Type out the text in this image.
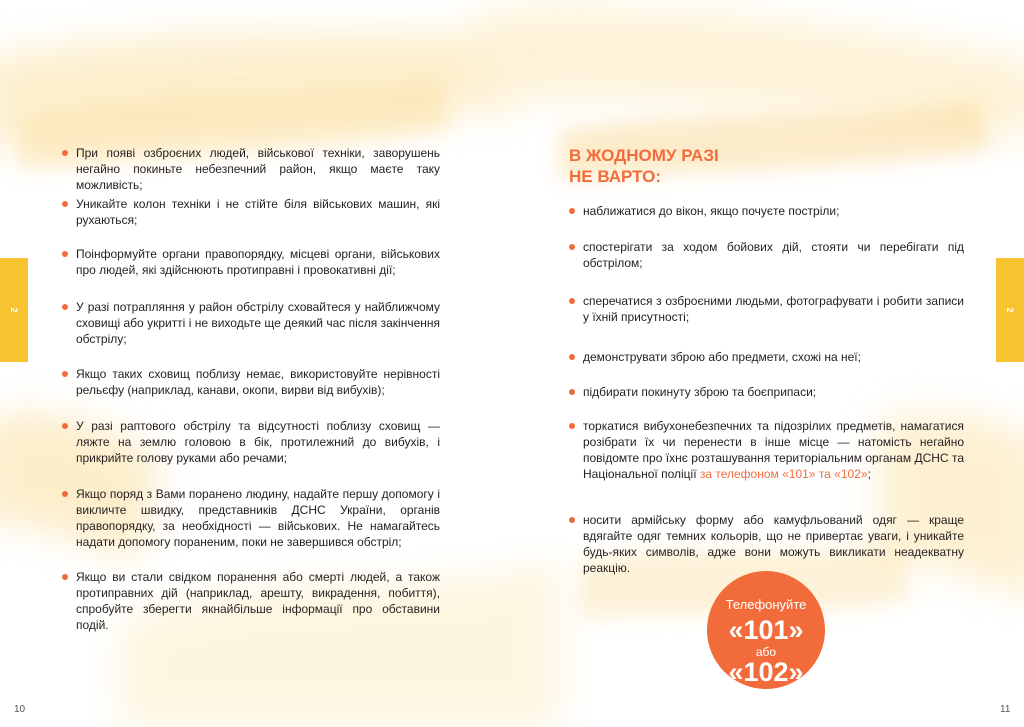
2	2
При появі озброєних людей, військової техніки, заворушень негайно покиньте небезпечний район, якщо маєте таку можливість;
Уникайте колон техніки і не стійте біля військових машин, які рухаються;
Поінформуйте органи правопорядку, місцеві органи, військових про людей, які здійснюють протиправні і провокативні дії;
У разі потрапляння у район обстрілу сховайтеся у найближчому сховищі або укритті і не виходьте ще деякий час після закінчення обстрілу;
Якщо таких сховищ поблизу немає, використовуйте нерівності рельєфу (наприклад, канави, окопи, вирви від вибухів);
У разі раптового обстрілу та відсутності поблизу сховищ — ляжте на землю головою в бік, протилежний до вибухів, і прикрийте голову руками або речами;
Якщо поряд з Вами поранено людину, надайте першу допомогу і викличте швидку, представників ДСНС України, органів правопорядку, за необхідності — військових. Не намагайтесь надати допомогу пораненим, поки не завершився обстріл;
Якщо ви стали свідком поранення або смерті людей, а також протиправних дій (наприклад, арешту, викрадення, побиття), спробуйте зберегти якнайбільше інформації про обставини подій.
В ЖОДНОМУ РАЗІ
НЕ ВАРТО:
наближатися до вікон, якщо почуєте постріли;
спостерігати за ходом бойових дій, стояти чи перебігати під обстрілом;
сперечатися з озброєними людьми, фотографувати і робити записи у їхній присутності;
демонструвати зброю або предмети, схожі на неї;
підбирати покинуту зброю та боєприпаси;
торкатися вибухонебезпечних та підозрілих предметів, намагатися розібрати їх чи перенести в інше місце — натомість негайно повідомте про їхнє розташування територіальним органам ДСНС та Національної поліції за телефоном «101» та «102»;
носити армійську форму або камуфльований одяг — краще вдягайте одяг темних кольорів, що не привертає уваги, і уникайте будь-яких символів, адже вони можуть викликати неадекватну реакцію.
Телефонуйте
«101»
або
«102»
10	11
